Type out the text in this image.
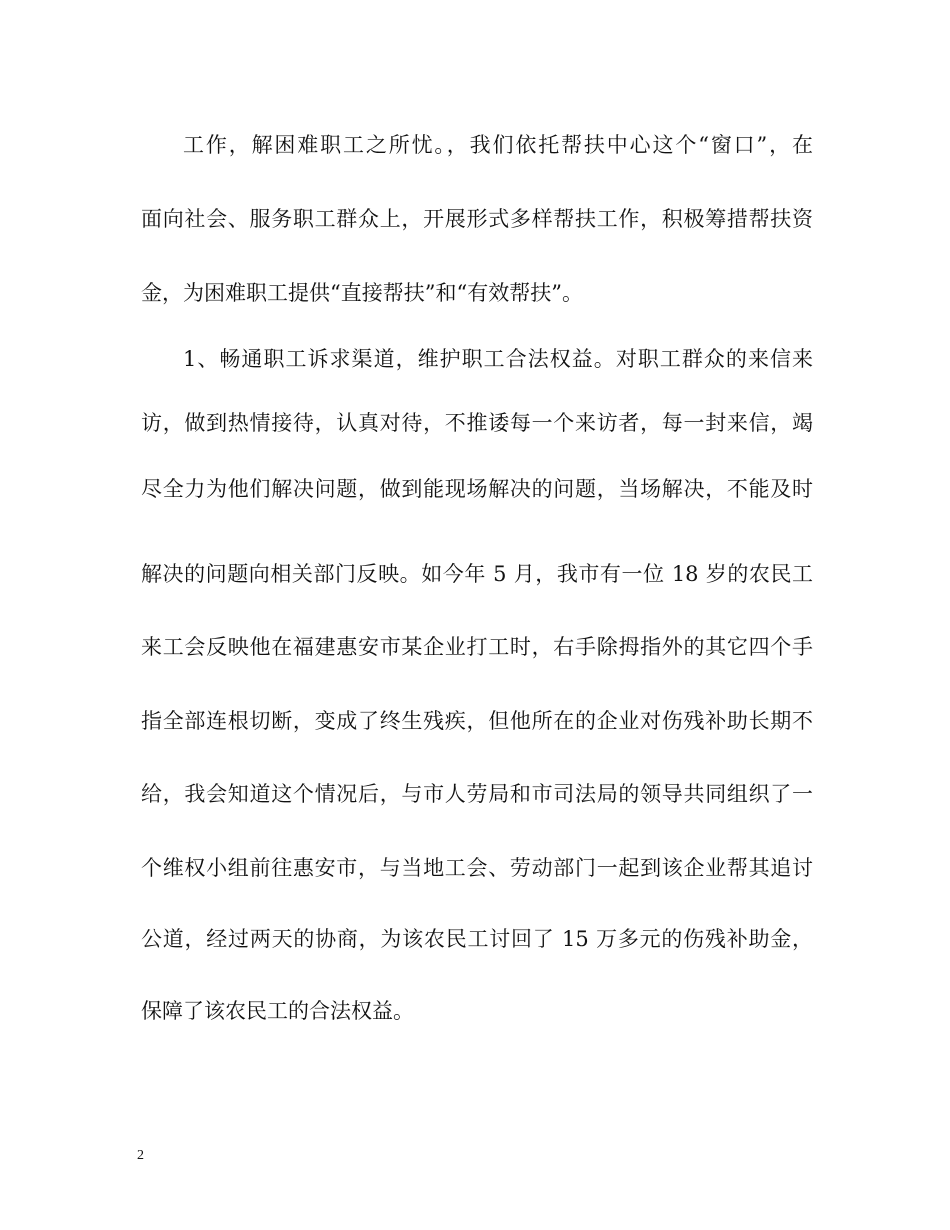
工作，解困难职工之所忧。，我们依托帮扶中心这个“窗口”，在
面向社会、服务职工群众上，开展形式多样帮扶工作，积极筹措帮扶资
金，为困难职工提供“直接帮扶”和“有效帮扶”。
1、畅通职工诉求渠道，维护职工合法权益。对职工群众的来信来
访，做到热情接待，认真对待，不推诿每一个来访者，每一封来信，竭
尽全力为他们解决问题，做到能现场解决的问题，当场解决，不能及时
解决的问题向相关部门反映。如今年 5 月，我市有一位 18 岁的农民工
来工会反映他在福建惠安市某企业打工时，右手除拇指外的其它四个手
指全部连根切断，变成了终生残疾，但他所在的企业对伤残补助长期不
给，我会知道这个情况后，与市人劳局和市司法局的领导共同组织了一
个维权小组前往惠安市，与当地工会、劳动部门一起到该企业帮其追讨
公道，经过两天的协商，为该农民工讨回了 15 万多元的伤残补助金，
保障了该农民工的合法权益。
2
